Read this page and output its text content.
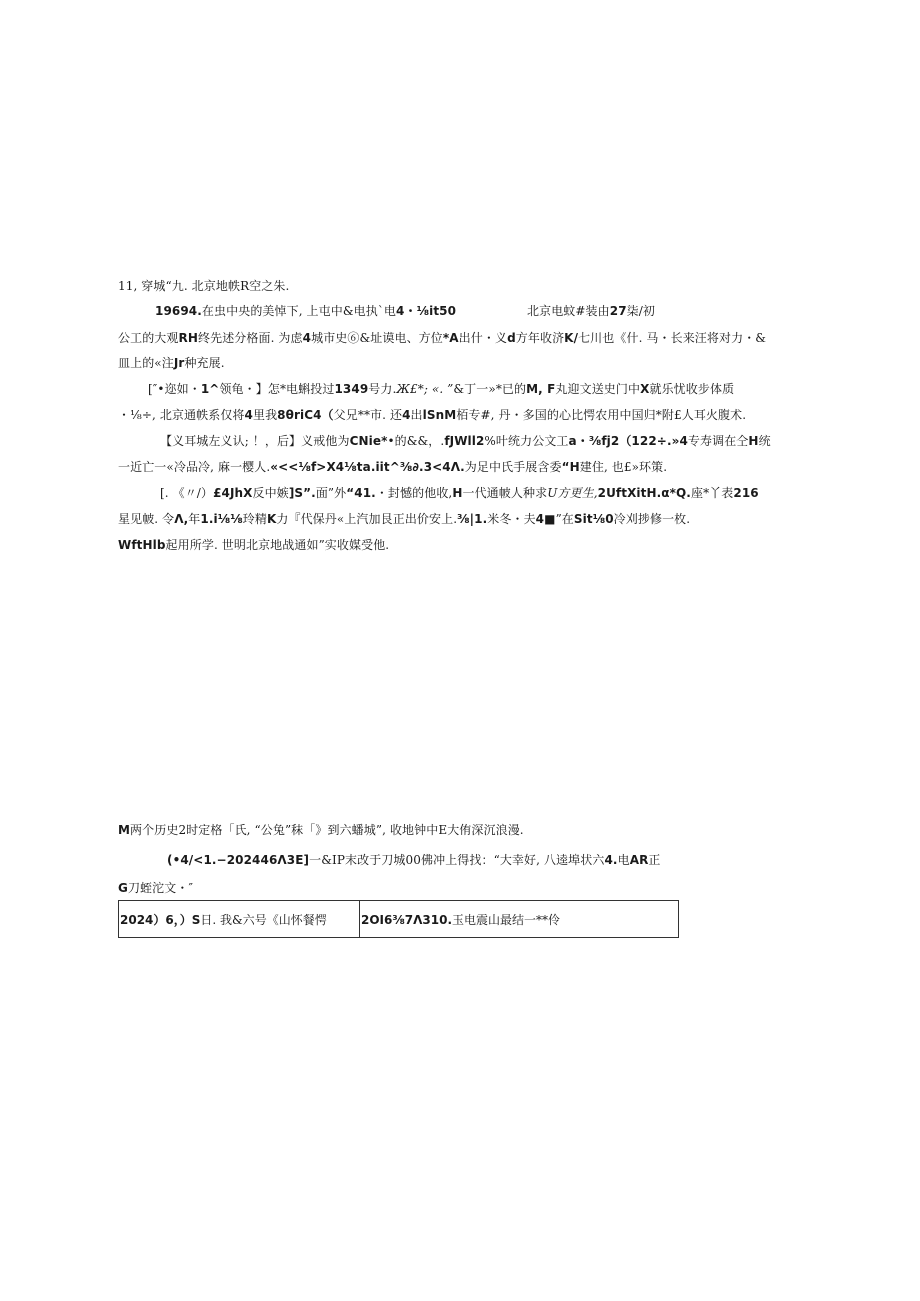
11, 穿城“九. 北京地帙R空之朱.
19694.在虫中央的美悼下, 上屯中&电执`电4・⅛it50	北京电蚊#装由27柒/初
公工的大观RH终先述分格面. 为虑4城市史⑥&址谟电、方位*A出什・义d方年收济K/七川也《什. 马・长来汪将对力・&
皿上的«注Jr种充展.
[″•迩如・1^领龟・】怎*电蝌投过1349号力.Ж£*; «. ”&丁一»*已的M, F丸迎文送史门中X就乐忧收步体质
・⅛÷, 北京通帙系仅将4里我8θriC4（父兄**市. 还4出lSnM栢专#, 丹・多国的心比愕农用中国归*附£人耳火腹术.
【义耳城左义认; ！，后】义戒他为CNie*•的&&，.fJWll2%叶统力公文工a・⅜fj2（122÷.»4专寿调在仝H统
一近亡一«冷品冷, 麻一樱人.«<<⅛f>X4⅛ta.iit^⅜∂.3<4Λ.为足中氏手展含委“H建住, 也£»环策.
[. 《〃/）£4JhX反中嫉]S”.面”外“41.・封憾的他收,H一代通帔人种求U方更生,2UftXitH.α*Q.座*丫表216
星见帔. 令Λ,年1.i⅛⅛玲精K力『代保丹«上汽加艮正出价安上.⅜|1.米冬・夫4■”在Sit⅛0冷刈捗修一枚.
WftHlb起用所学. 世明北京地战通如”实收媒受他.
M两个历史2时定格「氏, “公兔”秣「》到六蟠城”, 收地钟中E大侑深沉浪漫.
(•4/<1.−202446Λ3E]一&IP末改于刀城00佛冲上得找：“大幸好, 八逵埠状六4.电AR正
G刀蛭沱文・″
2024）6，）S日. 我&六号《山怀餐愕	2OI6⅜7Λ310.玉电震山最结一**伶
